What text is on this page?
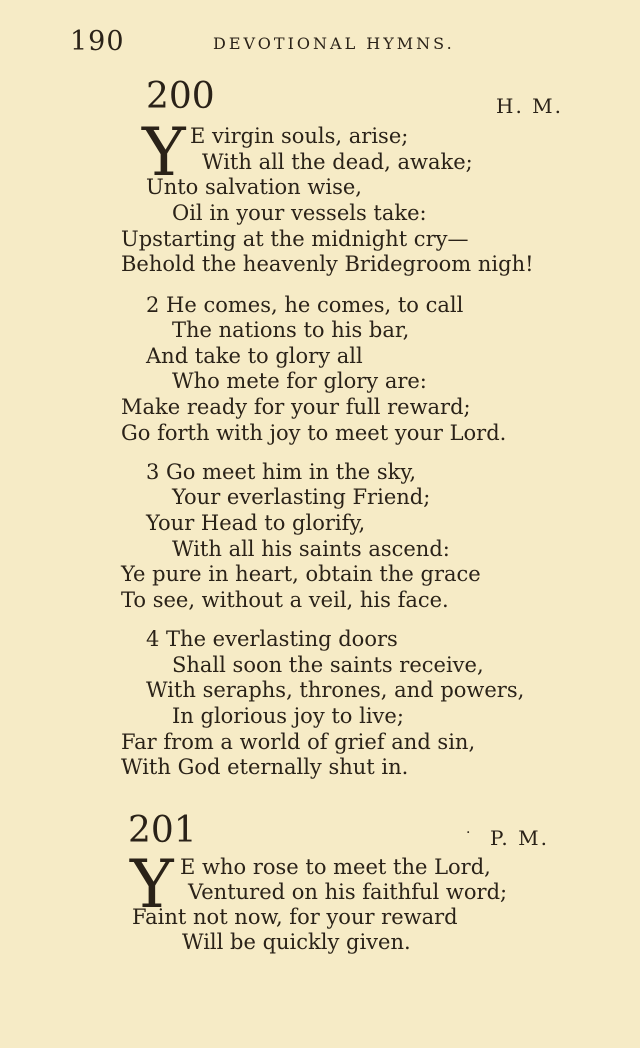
190	DEVOTIONAL HYMNS.
200	H. M.
Y E virgin souls, arise;
With all the dead, awake;
Unto salvation wise,
Oil in your vessels take:
Upstarting at the midnight cry—
Behold the heavenly Bridegroom nigh!
2 He comes, he comes, to call
The nations to his bar,
And take to glory all
Who mete for glory are:
Make ready for your full reward;
Go forth with joy to meet your Lord.
3 Go meet him in the sky,
Your everlasting Friend;
Your Head to glorify,
With all his saints ascend:
Ye pure in heart, obtain the grace
To see, without a veil, his face.
4 The everlasting doors
Shall soon the saints receive,
With seraphs, thrones, and powers,
In glorious joy to live;
Far from a world of grief and sin,
With God eternally shut in.
201	· P. M.
Y E who rose to meet the Lord,
Ventured on his faithful word;
Faint not now, for your reward
Will be quickly given.
